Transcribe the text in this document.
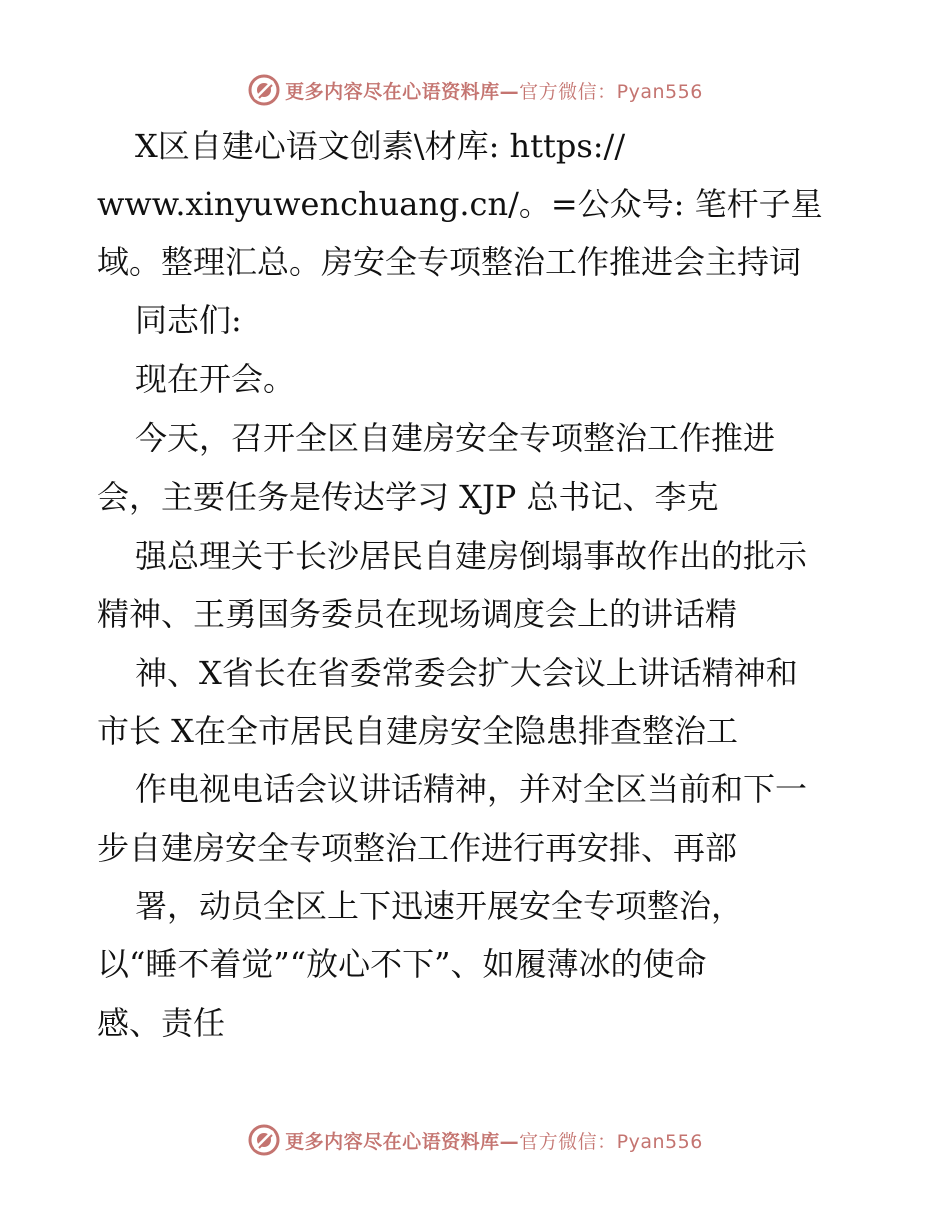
更多内容尽在心语资料库—官方微信：Pyan556
X区自建心语文创素\材库: https://
www.xinyuwenchuang.cn/。=公众号: 笔杆子星
域。整理汇总。房安全专项整治工作推进会主持词
同志们:
现在开会。
今天，召开全区自建房安全专项整治工作推进
会，主要任务是传达学习 XJP 总书记、李克
强总理关于长沙居民自建房倒塌事故作出的批示
精神、王勇国务委员在现场调度会上的讲话精
神、X省长在省委常委会扩大会议上讲话精神和
市长 X在全市居民自建房安全隐患排查整治工
作电视电话会议讲话精神，并对全区当前和下一
步自建房安全专项整治工作进行再安排、再部
署，动员全区上下迅速开展安全专项整治，
以“睡不着觉”“放心不下”、如履薄冰的使命
感、责任
更多内容尽在心语资料库—官方微信：Pyan556
